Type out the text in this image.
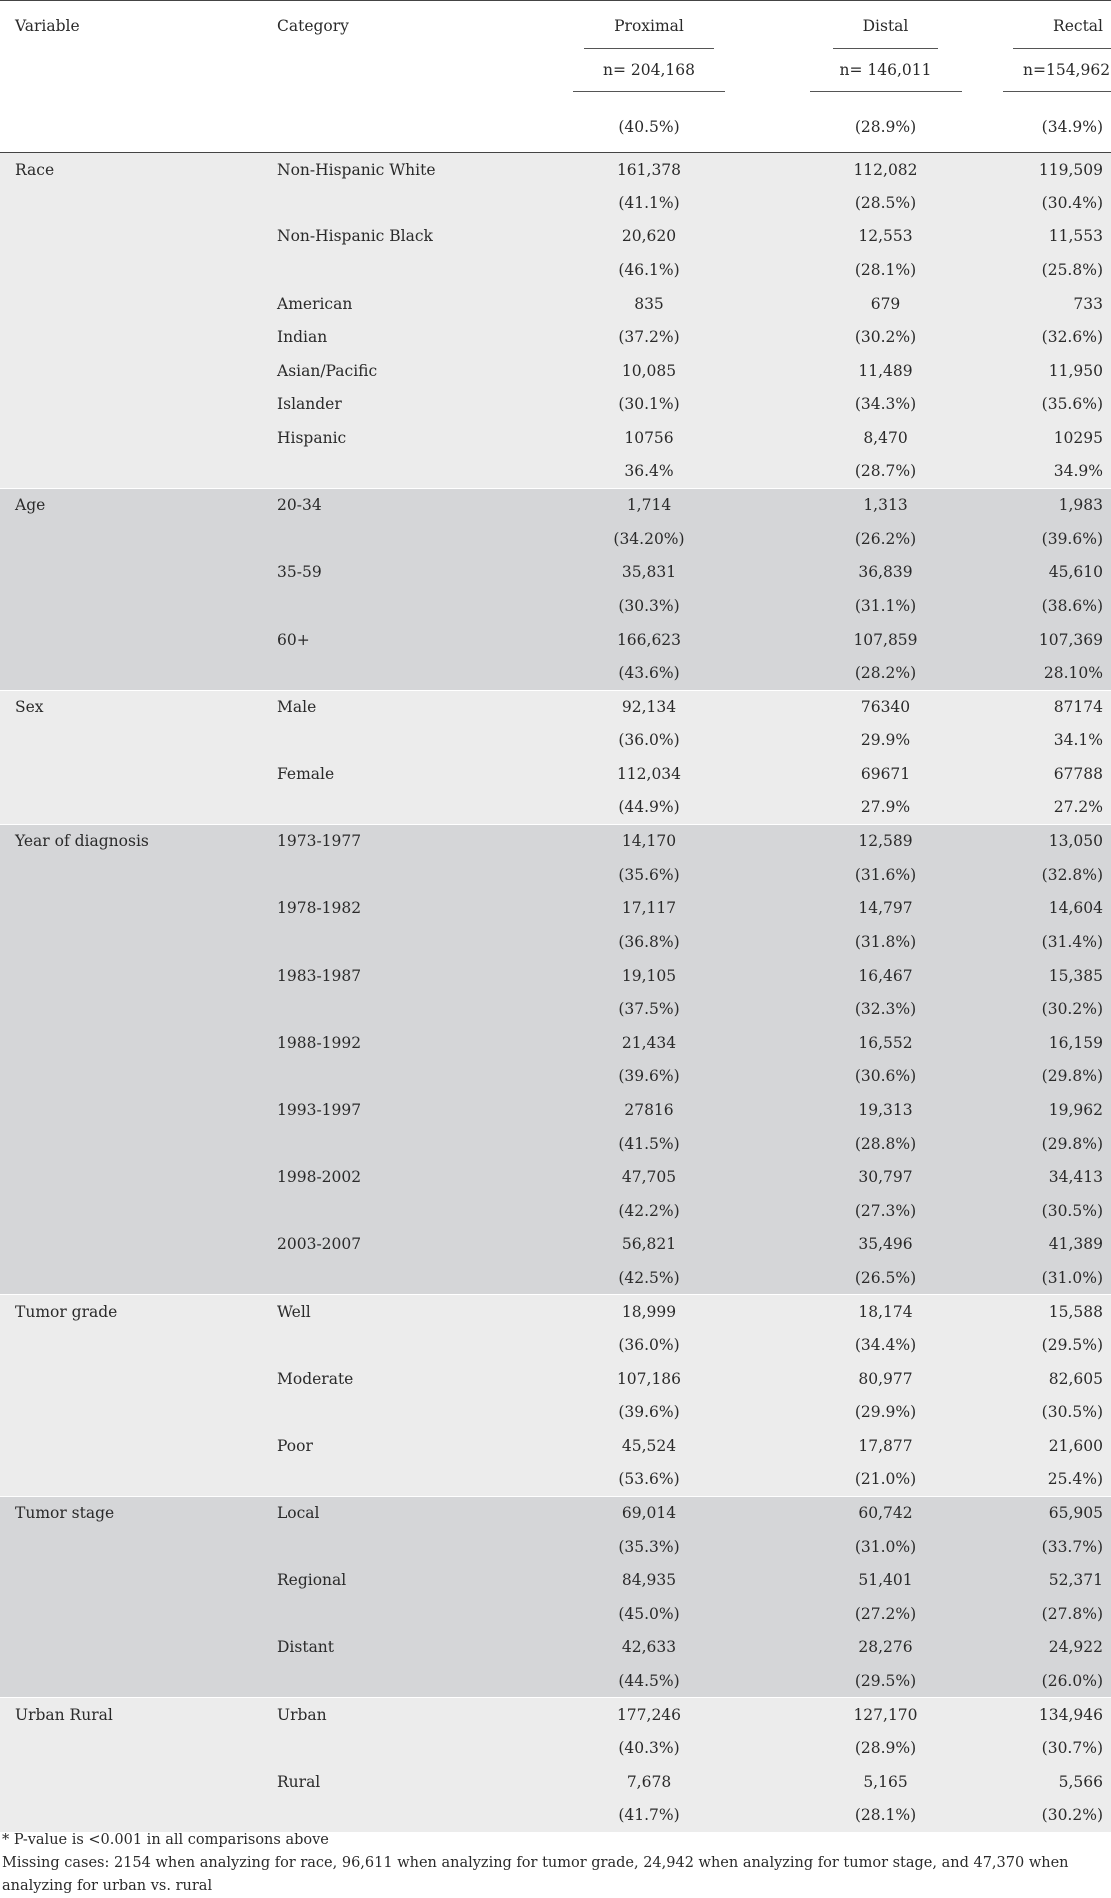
Variable	Category	Proximal	Distal	Rectal
		n= 204,168	n= 146,011	n=154,962
		(40.5%)	(28.9%)	(34.9%)
Race	Non-Hispanic White	161,378	112,082	119,509
		(41.1%)	(28.5%)	(30.4%)
	Non-Hispanic Black	20,620	12,553	11,553
		(46.1%)	(28.1%)	(25.8%)
	American	835	679	733
	Indian	(37.2%)	(30.2%)	(32.6%)
	Asian/Pacific	10,085	11,489	11,950
	Islander	(30.1%)	(34.3%)	(35.6%)
	Hispanic	10756	8,470	10295
		36.4%	(28.7%)	34.9%
Age	20-34	1,714	1,313	1,983
		(34.20%)	(26.2%)	(39.6%)
	35-59	35,831	36,839	45,610
		(30.3%)	(31.1%)	(38.6%)
	60+	166,623	107,859	107,369
		(43.6%)	(28.2%)	28.10%
Sex	Male	92,134	76340	87174
		(36.0%)	29.9%	34.1%
	Female	112,034	69671	67788
		(44.9%)	27.9%	27.2%
Year of diagnosis	1973-1977	14,170	12,589	13,050
		(35.6%)	(31.6%)	(32.8%)
	1978-1982	17,117	14,797	14,604
		(36.8%)	(31.8%)	(31.4%)
	1983-1987	19,105	16,467	15,385
		(37.5%)	(32.3%)	(30.2%)
	1988-1992	21,434	16,552	16,159
		(39.6%)	(30.6%)	(29.8%)
	1993-1997	27816	19,313	19,962
		(41.5%)	(28.8%)	(29.8%)
	1998-2002	47,705	30,797	34,413
		(42.2%)	(27.3%)	(30.5%)
	2003-2007	56,821	35,496	41,389
		(42.5%)	(26.5%)	(31.0%)
Tumor grade	Well	18,999	18,174	15,588
		(36.0%)	(34.4%)	(29.5%)
	Moderate	107,186	80,977	82,605
		(39.6%)	(29.9%)	(30.5%)
	Poor	45,524	17,877	21,600
		(53.6%)	(21.0%)	25.4%)
Tumor stage	Local	69,014	60,742	65,905
		(35.3%)	(31.0%)	(33.7%)
	Regional	84,935	51,401	52,371
		(45.0%)	(27.2%)	(27.8%)
	Distant	42,633	28,276	24,922
		(44.5%)	(29.5%)	(26.0%)
Urban Rural	Urban	177,246	127,170	134,946
		(40.3%)	(28.9%)	(30.7%)
	Rural	7,678	5,165	5,566
		(41.7%)	(28.1%)	(30.2%)
* P-value is <0.001 in all comparisons above
Missing cases: 2154 when analyzing for race, 96,611 when analyzing for tumor grade, 24,942 when analyzing for tumor stage, and 47,370 when analyzing for urban vs. rural
